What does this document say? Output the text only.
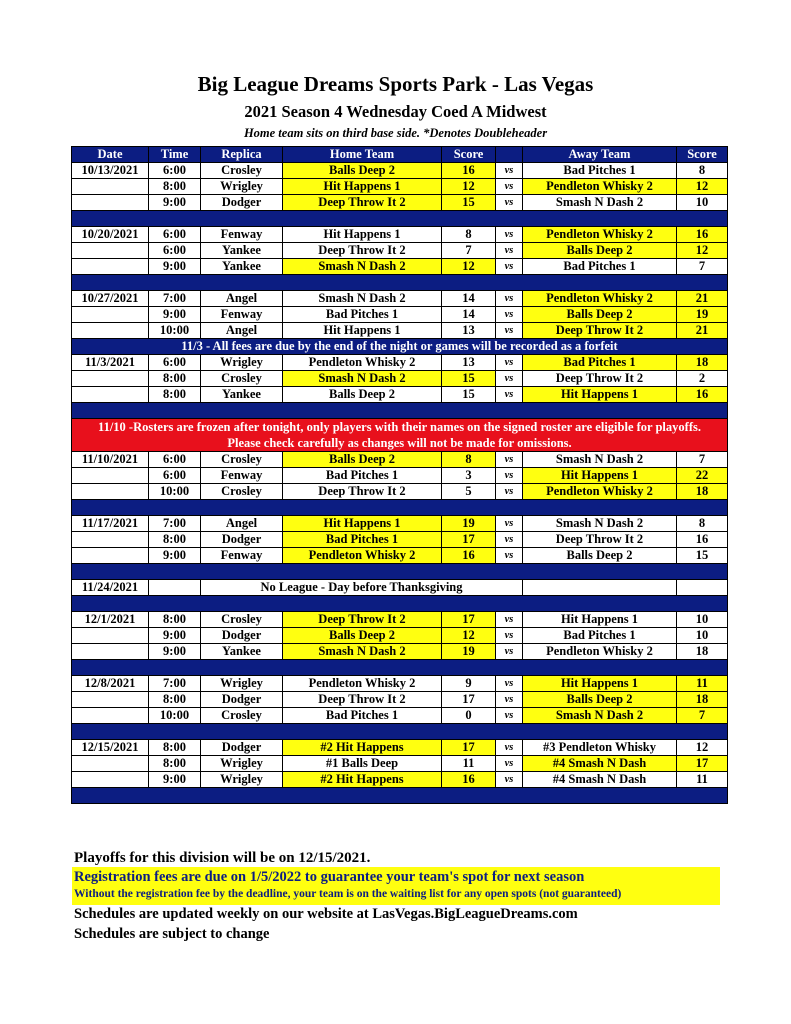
Big League Dreams Sports Park - Las Vegas
2021 Season 4 Wednesday Coed A Midwest
Home team sits on third base side. *Denotes Doubleheader
Date	Time	Replica	Home Team	Score		Away Team	Score
10/13/2021	6:00	Crosley	Balls Deep 2	16	vs	Bad Pitches 1	8
	8:00	Wrigley	Hit Happens 1	12	vs	Pendleton Whisky 2	12
	9:00	Dodger	Deep Throw It 2	15	vs	Smash N Dash 2	10

10/20/2021	6:00	Fenway	Hit Happens 1	8	vs	Pendleton Whisky 2	16
	6:00	Yankee	Deep Throw It 2	7	vs	Balls Deep 2	12
	9:00	Yankee	Smash N Dash 2	12	vs	Bad Pitches 1	7

10/27/2021	7:00	Angel	Smash N Dash 2	14	vs	Pendleton Whisky 2	21
	9:00	Fenway	Bad Pitches 1	14	vs	Balls Deep 2	19
	10:00	Angel	Hit Happens 1	13	vs	Deep Throw It 2	21
11/3 - All fees are due by the end of the night or games will be recorded as a forfeit							
11/3/2021	6:00	Wrigley	Pendleton Whisky 2	13	vs	Bad Pitches 1	18
	8:00	Crosley	Smash N Dash 2	15	vs	Deep Throw It 2	2
	8:00	Yankee	Balls Deep 2	15	vs	Hit Happens 1	16

11/10 -Rosters are frozen after tonight, only players with their names on the signed roster are eligible for playoffs.
Please check carefully as changes will not be made for omissions.							

11/10/2021	6:00	Crosley	Balls Deep 2	8	vs	Smash N Dash 2	7
	6:00	Fenway	Bad Pitches 1	3	vs	Hit Happens 1	22
	10:00	Crosley	Deep Throw It 2	5	vs	Pendleton Whisky 2	18

11/17/2021	7:00	Angel	Hit Happens 1	19	vs	Smash N Dash 2	8
	8:00	Dodger	Bad Pitches 1	17	vs	Deep Throw It 2	16
	9:00	Fenway	Pendleton Whisky 2	16	vs	Balls Deep 2	15

11/24/2021		No League - Day before Thanksgiving					

12/1/2021	8:00	Crosley	Deep Throw It 2	17	vs	Hit Happens 1	10
	9:00	Dodger	Balls Deep 2	12	vs	Bad Pitches 1	10
	9:00	Yankee	Smash N Dash 2	19	vs	Pendleton Whisky 2	18

12/8/2021	7:00	Wrigley	Pendleton Whisky 2	9	vs	Hit Happens 1	11
	8:00	Dodger	Deep Throw It 2	17	vs	Balls Deep 2	18
	10:00	Crosley	Bad Pitches 1	0	vs	Smash N Dash 2	7

12/15/2021	8:00	Dodger	#2 Hit Happens	17	vs	#3 Pendleton Whisky	12
	8:00	Wrigley	#1 Balls Deep	11	vs	#4 Smash N Dash	17
	9:00	Wrigley	#2 Hit Happens	16	vs	#4 Smash N Dash	11

Playoffs for this division will be on 12/15/2021.
Registration fees are due on 1/5/2022 to guarantee your team's spot for next season
Without the registration fee by the deadline, your team is on the waiting list for any open spots (not guaranteed)
Schedules are updated weekly on our website at LasVegas.BigLeagueDreams.com
Schedules are subject to change
